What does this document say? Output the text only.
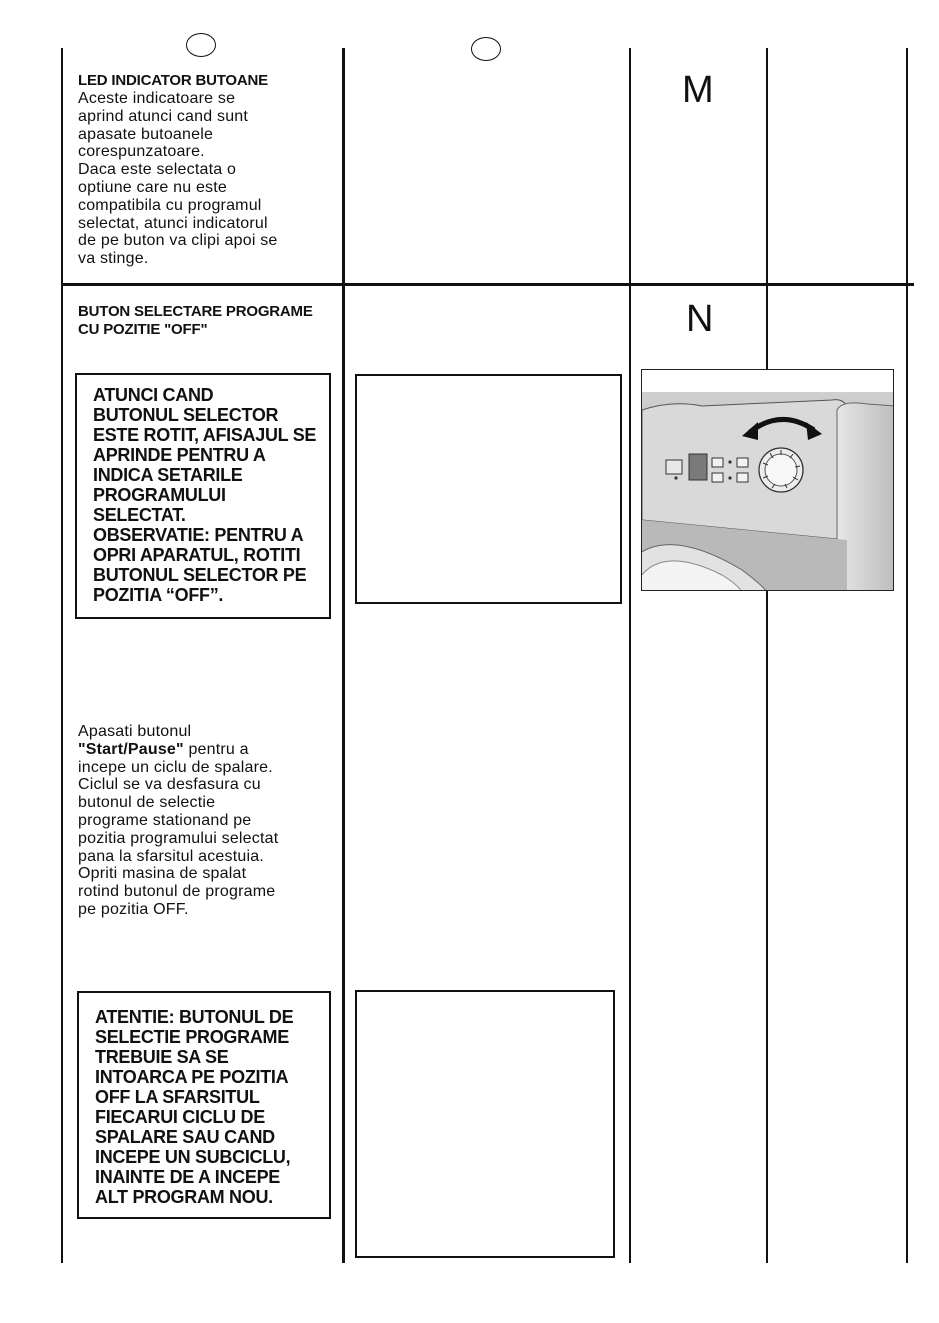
LED INDICATOR BUTOANE
Aceste indicatoare se
aprind atunci cand sunt
apasate butoanele
corespunzatoare.
Daca este selectata o
optiune care nu este
compatibila cu programul
selectat, atunci indicatorul
de pe buton va clipi apoi se
va stinge.
M
BUTON SELECTARE PROGRAME
CU POZITIE "OFF"	N
ATUNCI CAND
BUTONUL SELECTOR
ESTE ROTIT, AFISAJUL SE
APRINDE PENTRU A
INDICA SETARILE
PROGRAMULUI
SELECTAT.
OBSERVATIE: PENTRU A
OPRI APARATUL, ROTITI
BUTONUL SELECTOR PE
POZITIA “OFF”.
Apasati butonul
"Start/Pause" pentru a
incepe un ciclu de spalare.
Ciclul se va desfasura cu
butonul de selectie
programe stationand pe
pozitia programului selectat
pana la sfarsitul acestuia.
Opriti masina de spalat
rotind butonul de programe
pe pozitia OFF.
ATENTIE: BUTONUL DE
SELECTIE PROGRAME
TREBUIE SA SE
INTOARCA PE POZITIA
OFF LA SFARSITUL
FIECARUI CICLU DE
SPALARE SAU CAND
INCEPE UN SUBCICLU,
INAINTE DE A INCEPE
ALT PROGRAM NOU.
